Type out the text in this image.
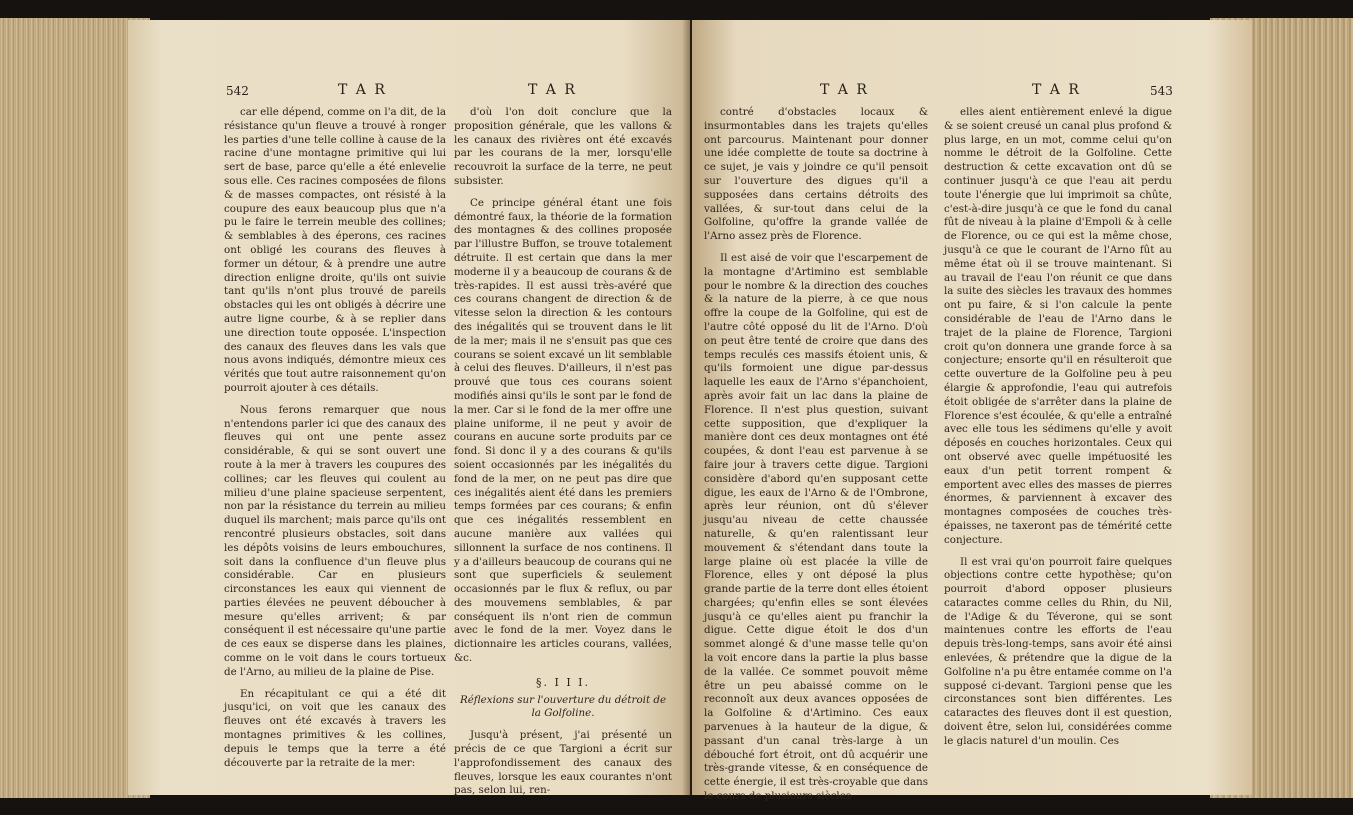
542	T A R	T A R

car elle dépend, comme on l'a dit, de la résistance qu'un fleuve a trouvé à ronger les parties d'une telle colline à cause de la racine d'une montagne primitive qui lui sert de base, parce qu'elle a été enlevelie sous elle. Ces racines composées de filons & de masses compactes, ont résisté à la coupure des eaux beaucoup plus que n'a pu le faire le terrein meuble des collines; & semblables à des éperons, ces racines ont obligé les courans des fleuves à former un détour, & à prendre une autre direction enligne droite, qu'ils ont suivie tant qu'ils n'ont plus trouvé de pareils obstacles qui les ont obligés à décrire une autre ligne courbe, & à se replier dans une direction toute opposée. L'inspection des canaux des fleuves dans les vals que nous avons indiqués, démontre mieux ces vérités que tout autre raisonnement qu'on pourroit ajouter à ces détails.

Nous ferons remarquer que nous n'entendons parler ici que des canaux des fleuves qui ont une pente assez considérable, & qui se sont ouvert une route à la mer à travers les coupures des collines; car les fleuves qui coulent au milieu d'une plaine spacieuse serpentent, non par la résistance du terrein au milieu duquel ils marchent; mais parce qu'ils ont rencontré plusieurs obstacles, soit dans les dépôts voisins de leurs embouchures, soit dans la confluence d'un fleuve plus considérable. Car en plusieurs circonstances les eaux qui viennent de parties élevées ne peuvent déboucher à mesure qu'elles arrivent; & par conséquent il est nécessaire qu'une partie de ces eaux se disperse dans les plaines, comme on le voit dans le cours tortueux de l'Arno, au milieu de la plaine de Pise.

En récapitulant ce qui a été dit jusqu'ici, on voit que les canaux des fleuves ont été excavés à travers les montagnes primitives & les collines, depuis le temps que la terre a été découverte par la retraite de la mer:

d'où l'on doit conclure que la proposition générale, que les vallons & les canaux des rivières ont été excavés par les courans de la mer, lorsqu'elle recouvroit la surface de la terre, ne peut subsister.

Ce principe général étant une fois démontré faux, la théorie de la formation des montagnes & des collines proposée par l'illustre Buffon, se trouve totalement détruite. Il est certain que dans la mer moderne il y a beaucoup de courans & de très-rapides. Il est aussi très-avéré que ces courans changent de direction & de vitesse selon la direction & les contours des inégalités qui se trouvent dans le lit de la mer; mais il ne s'ensuit pas que ces courans se soient excavé un lit semblable à celui des fleuves. D'ailleurs, il n'est pas prouvé que tous ces courans soient modifiés ainsi qu'ils le sont par le fond de la mer. Car si le fond de la mer offre une plaine uniforme, il ne peut y avoir de courans en aucune sorte produits par ce fond. Si donc il y a des courans & qu'ils soient occasionnés par les inégalités du fond de la mer, on ne peut pas dire que ces inégalités aient été dans les premiers temps formées par ces courans; & enfin que ces inégalités ressemblent en aucune manière aux vallées qui sillonnent la surface de nos continens. Il y a d'ailleurs beaucoup de courans qui ne sont que superficiels & seulement occasionnés par le flux & reflux, ou par des mouvemens semblables, & par conséquent ils n'ont rien de commun avec le fond de la mer. Voyez dans le dictionnaire les articles courans, vallées, &c.

§. I I I.
Réflexions sur l'ouverture du détroit de la Golfoline.

Jusqu'à présent, j'ai présenté un précis de ce que Targioni a écrit sur l'approfondissement des canaux des fleuves, lorsque les eaux courantes n'ont pas, selon lui, ren-

T A R	T A R	543

contré d'obstacles locaux & insurmontables dans les trajets qu'elles ont parcourus. Maintenant pour donner une idée complette de toute sa doctrine à ce sujet, je vais y joindre ce qu'il pensoit sur l'ouverture des digues qu'il a supposées dans certains détroits des vallées, & sur-tout dans celui de la Golfoline, qu'offre la grande vallée de l'Arno assez près de Florence.

Il est aisé de voir que l'escarpement de la montagne d'Artimino est semblable pour le nombre & la direction des couches & la nature de la pierre, à ce que nous offre la coupe de la Golfoline, qui est de l'autre côté opposé du lit de l'Arno. D'où on peut être tenté de croire que dans des temps reculés ces massifs étoient unis, & qu'ils formoient une digue par-dessus laquelle les eaux de l'Arno s'épanchoient, après avoir fait un lac dans la plaine de Florence. Il n'est plus question, suivant cette supposition, que d'expliquer la manière dont ces deux montagnes ont été coupées, & dont l'eau est parvenue à se faire jour à travers cette digue. Targioni considère d'abord qu'en supposant cette digue, les eaux de l'Arno & de l'Ombrone, après leur réunion, ont dû s'élever jusqu'au niveau de cette chaussée naturelle, & qu'en ralentissant leur mouvement & s'étendant dans toute la large plaine où est placée la ville de Florence, elles y ont déposé la plus grande partie de la terre dont elles étoient chargées; qu'enfin elles se sont élevées jusqu'à ce qu'elles aient pu franchir la digue. Cette digue étoit le dos d'un sommet alongé & d'une masse telle qu'on la voit encore dans la partie la plus basse de la vallée. Ce sommet pouvoit même être un peu abaissé comme on le reconnoît aux deux avances opposées de la Golfoline & d'Artimino. Ces eaux parvenues à la hauteur de la digue, & passant d'un canal très-large à un débouché fort étroit, ont dû acquérir une très-grande vitesse, & en conséquence de cette énergie, il est très-croyable que dans le cours de plusieurs siècles

elles aient entièrement enlevé la digue & se soient creusé un canal plus profond & plus large, en un mot, comme celui qu'on nomme le détroit de la Golfoline. Cette destruction & cette excavation ont dû se continuer jusqu'à ce que l'eau ait perdu toute l'énergie que lui imprimoit sa chûte, c'est-à-dire jusqu'à ce que le fond du canal fût de niveau à la plaine d'Empoli & à celle de Florence, ou ce qui est la même chose, jusqu'à ce que le courant de l'Arno fût au même état où il se trouve maintenant. Si au travail de l'eau l'on réunit ce que dans la suite des siècles les travaux des hommes ont pu faire, & si l'on calcule la pente considérable de l'eau de l'Arno dans le trajet de la plaine de Florence, Targioni croit qu'on donnera une grande force à sa conjecture; ensorte qu'il en résulteroit que cette ouverture de la Golfoline peu à peu élargie & approfondie, l'eau qui autrefois étoit obligée de s'arrêter dans la plaine de Florence s'est écoulée, & qu'elle a entraîné avec elle tous les sédimens qu'elle y avoit déposés en couches horizontales. Ceux qui ont observé avec quelle impétuosité les eaux d'un petit torrent rompent & emportent avec elles des masses de pierres énormes, & parviennent à excaver des montagnes composées de couches très-épaisses, ne taxeront pas de témérité cette conjecture.

Il est vrai qu'on pourroit faire quelques objections contre cette hypothèse; qu'on pourroit d'abord opposer plusieurs cataractes comme celles du Rhin, du Nil, de l'Adige & du Téverone, qui se sont maintenues contre les efforts de l'eau depuis très-long-temps, sans avoir été ainsi enlevées, & prétendre que la digue de la Golfoline n'a pu être entamée comme on l'a supposé ci-devant. Targioni pense que les circonstances sont bien différentes. Les cataractes des fleuves dont il est question, doivent être, selon lui, considérées comme le glacis naturel d'un moulin. Ces
